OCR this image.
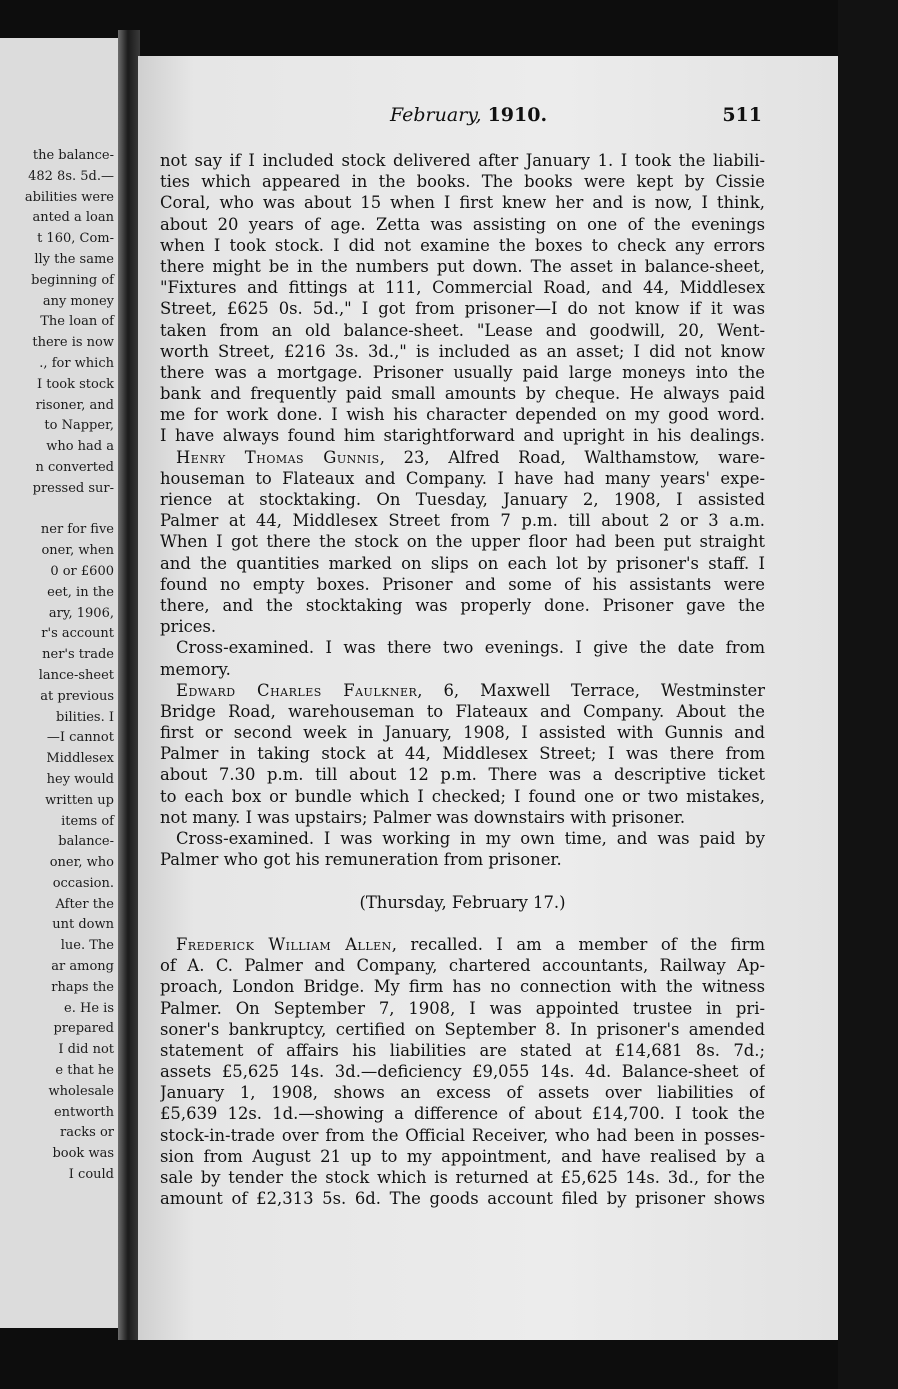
the balance-
482 8s. 5d.—
abilities were
anted a loan
t 160, Com-
lly the same
beginning of
any money
The loan of
there is now
., for which
I took stock
risoner, and
to Napper,
who had a
n converted
pressed sur-
ner for five
oner, when
0 or £600
eet, in the
ary, 1906,
r's account
ner's trade
lance-sheet
at previous
bilities. I
—I cannot
Middlesex
hey would
written up
items of
balance-
oner, who
occasion.
After the
unt down
lue. The
ar among
rhaps the
e. He is
prepared
I did not
e that he
wholesale
entworth
racks or
book was
I could
February, 1910.	511
not say if I included stock delivered after January 1. I took the liabili-
ties which appeared in the books. The books were kept by Cissie
Coral, who was about 15 when I first knew her and is now, I think,
about 20 years of age. Zetta was assisting on one of the evenings
when I took stock. I did not examine the boxes to check any errors
there might be in the numbers put down. The asset in balance-sheet,
"Fixtures and fittings at 111, Commercial Road, and 44, Middlesex
Street, £625 0s. 5d.," I got from prisoner—I do not know if it was
taken from an old balance-sheet. "Lease and goodwill, 20, Went-
worth Street, £216 3s. 3d.," is included as an asset; I did not know
there was a mortgage. Prisoner usually paid large moneys into the
bank and frequently paid small amounts by cheque. He always paid
me for work done. I wish his character depended on my good word.
I have always found him starightforward and upright in his dealings.
Henry Thomas Gunnis, 23, Alfred Road, Walthamstow, ware-
houseman to Flateaux and Company. I have had many years' expe-
rience at stocktaking. On Tuesday, January 2, 1908, I assisted
Palmer at 44, Middlesex Street from 7 p.m. till about 2 or 3 a.m.
When I got there the stock on the upper floor had been put straight
and the quantities marked on slips on each lot by prisoner's staff. I
found no empty boxes. Prisoner and some of his assistants were
there, and the stocktaking was properly done. Prisoner gave the
prices.
Cross-examined. I was there two evenings. I give the date from
memory.
Edward Charles Faulkner, 6, Maxwell Terrace, Westminster
Bridge Road, warehouseman to Flateaux and Company. About the
first or second week in January, 1908, I assisted with Gunnis and
Palmer in taking stock at 44, Middlesex Street; I was there from
about 7.30 p.m. till about 12 p.m. There was a descriptive ticket
to each box or bundle which I checked; I found one or two mistakes,
not many. I was upstairs; Palmer was downstairs with prisoner.
Cross-examined. I was working in my own time, and was paid by
Palmer who got his remuneration from prisoner.
(Thursday, February 17.)
Frederick William Allen, recalled. I am a member of the firm
of A. C. Palmer and Company, chartered accountants, Railway Ap-
proach, London Bridge. My firm has no connection with the witness
Palmer. On September 7, 1908, I was appointed trustee in pri-
soner's bankruptcy, certified on September 8. In prisoner's amended
statement of affairs his liabilities are stated at £14,681 8s. 7d.;
assets £5,625 14s. 3d.—deficiency £9,055 14s. 4d. Balance-sheet of
January 1, 1908, shows an excess of assets over liabilities of
£5,639 12s. 1d.—showing a difference of about £14,700. I took the
stock-in-trade over from the Official Receiver, who had been in posses-
sion from August 21 up to my appointment, and have realised by a
sale by tender the stock which is returned at £5,625 14s. 3d., for the
amount of £2,313 5s. 6d. The goods account filed by prisoner shows
